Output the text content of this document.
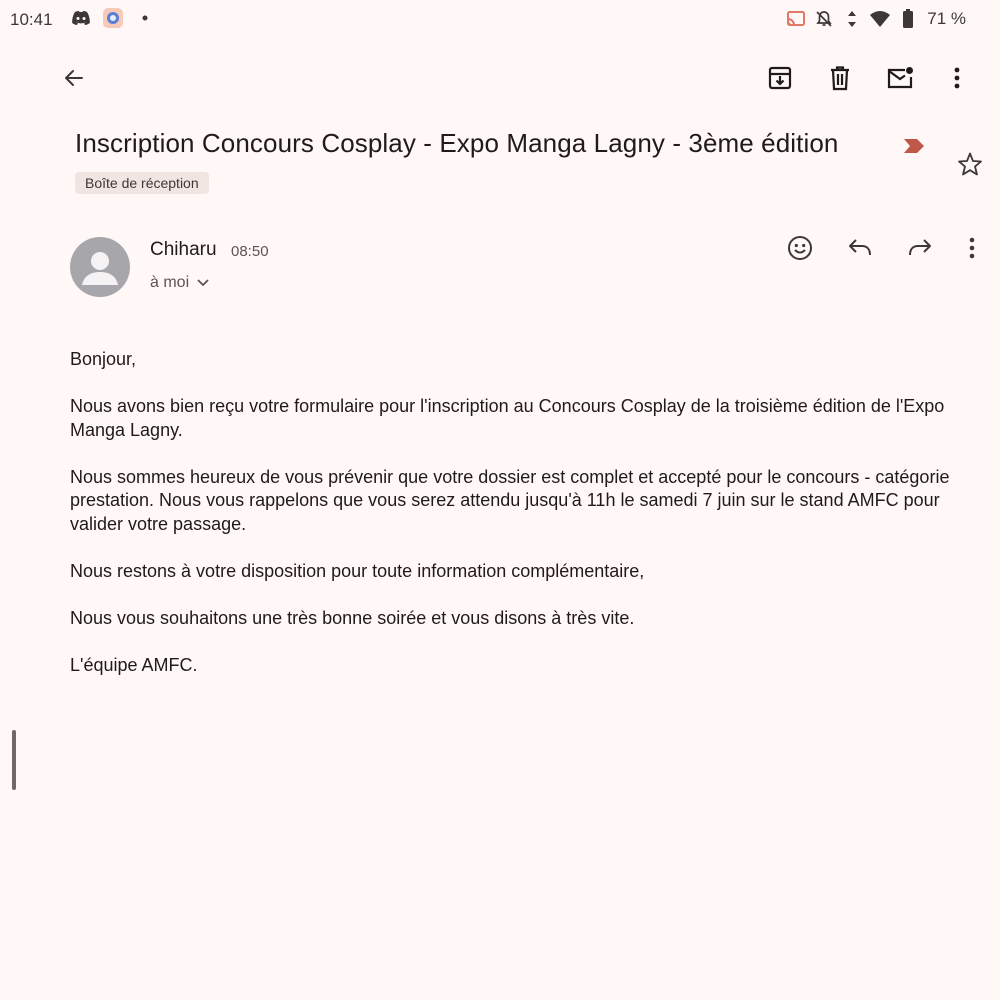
10:41	71 %
Inscription Concours Cosplay - Expo Manga Lagny - 3ème édition
Boîte de réception
Chiharu 08:50
à moi

Bonjour,

Nous avons bien reçu votre formulaire pour l'inscription au Concours Cosplay de la troisième édition de l'Expo Manga Lagny.

Nous sommes heureux de vous prévenir que votre dossier est complet et accepté pour le concours - catégorie prestation. Nous vous rappelons que vous serez attendu jusqu'à 11h le samedi 7 juin sur le stand AMFC pour valider votre passage.

Nous restons à votre disposition pour toute information complémentaire,

Nous vous souhaitons une très bonne soirée et vous disons à très vite.

L'équipe AMFC.
